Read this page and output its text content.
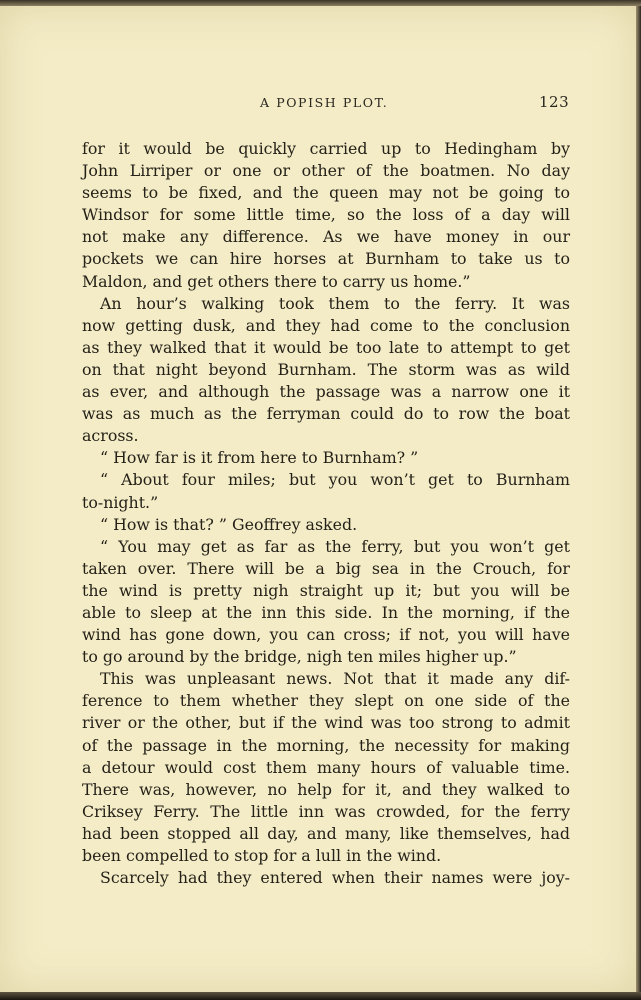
A POPISH PLOT.	123
for it would be quickly carried up to Hedingham by
John Lirriper or one or other of the boatmen. No day
seems to be fixed, and the queen may not be going to
Windsor for some little time, so the loss of a day will
not make any difference. As we have money in our
pockets we can hire horses at Burnham to take us to
Maldon, and get others there to carry us home.”
An hour’s walking took them to the ferry. It was
now getting dusk, and they had come to the conclusion
as they walked that it would be too late to attempt to get
on that night beyond Burnham. The storm was as wild
as ever, and although the passage was a narrow one it
was as much as the ferryman could do to row the boat
across.
“ How far is it from here to Burnham? ”
“ About four miles; but you won’t get to Burnham
to-night.”
“ How is that? ” Geoffrey asked.
“ You may get as far as the ferry, but you won’t get
taken over. There will be a big sea in the Crouch, for
the wind is pretty nigh straight up it; but you will be
able to sleep at the inn this side. In the morning, if the
wind has gone down, you can cross; if not, you will have
to go around by the bridge, nigh ten miles higher up.”
This was unpleasant news. Not that it made any dif-
ference to them whether they slept on one side of the
river or the other, but if the wind was too strong to admit
of the passage in the morning, the necessity for making
a detour would cost them many hours of valuable time.
There was, however, no help for it, and they walked to
Criksey Ferry. The little inn was crowded, for the ferry
had been stopped all day, and many, like themselves, had
been compelled to stop for a lull in the wind.
Scarcely had they entered when their names were joy-
